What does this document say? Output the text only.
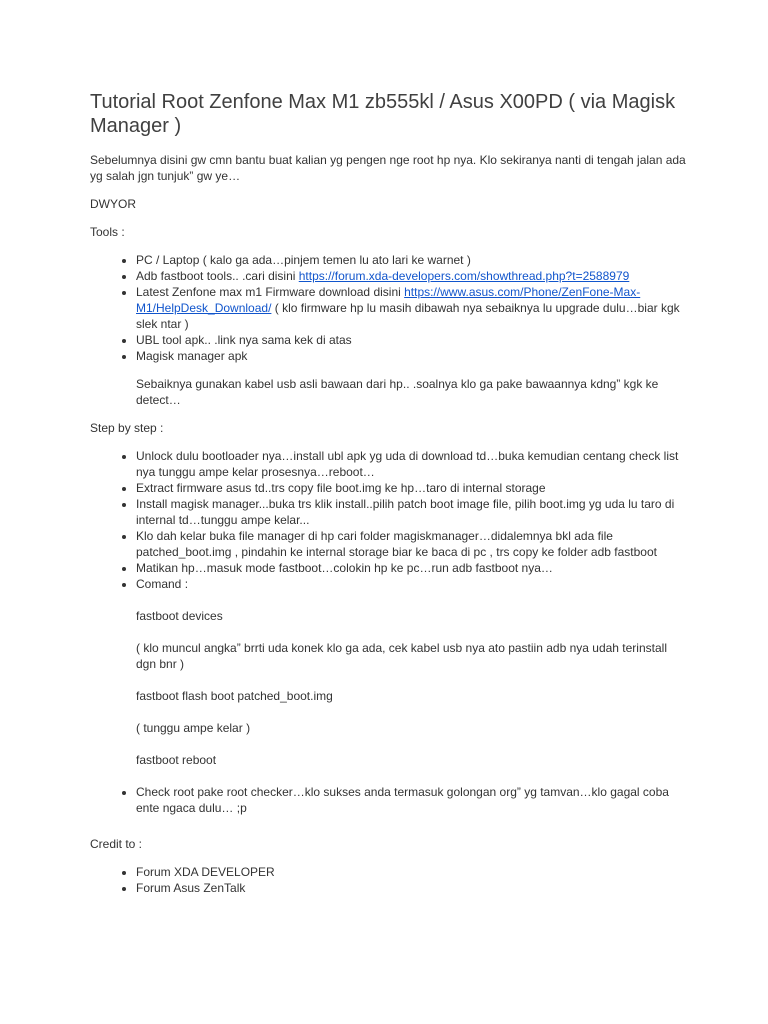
Tutorial Root Zenfone Max M1 zb555kl / Asus X00PD ( via Magisk Manager )

Sebelumnya disini gw cmn bantu buat kalian yg pengen nge root hp nya. Klo sekiranya nanti di tengah jalan ada yg salah jgn tunjuk” gw ye…

DWYOR

Tools :

• PC / Laptop ( kalo ga ada…pinjem temen lu ato lari ke warnet )
• Adb fastboot tools.. .cari disini https://forum.xda-developers.com/showthread.php?t=2588979
• Latest Zenfone max m1 Firmware download disini https://www.asus.com/Phone/ZenFone-Max-M1/HelpDesk_Download/ ( klo firmware hp lu masih dibawah nya sebaiknya lu upgrade dulu…biar kgk slek ntar )
• UBL tool apk.. .link nya sama kek di atas
• Magisk manager apk

Sebaiknya gunakan kabel usb asli bawaan dari hp.. .soalnya klo ga pake bawaannya kdng” kgk ke detect…

Step by step :

• Unlock dulu bootloader nya…install ubl apk yg uda di download td…buka kemudian centang check list nya tunggu ampe kelar prosesnya…reboot…
• Extract firmware asus td..trs copy file boot.img ke hp…taro di internal storage
• Install magisk manager...buka trs klik install..pilih patch boot image file, pilih boot.img yg uda lu taro di internal td…tunggu ampe kelar...
• Klo dah kelar buka file manager di hp cari folder magiskmanager…didalemnya bkl ada file patched_boot.img , pindahin ke internal storage biar ke baca di pc , trs copy ke folder adb fastboot
• Matikan hp…masuk mode fastboot…colokin hp ke pc…run adb fastboot nya…
• Comand :

fastboot devices

( klo muncul angka” brrti uda konek klo ga ada, cek kabel usb nya ato pastiin adb nya udah terinstall dgn bnr )

fastboot flash boot patched_boot.img

( tunggu ampe kelar )

fastboot reboot

• Check root pake root checker…klo sukses anda termasuk golongan org” yg tamvan…klo gagal coba ente ngaca dulu… ;p

Credit to :

• Forum XDA DEVELOPER
• Forum Asus ZenTalk
